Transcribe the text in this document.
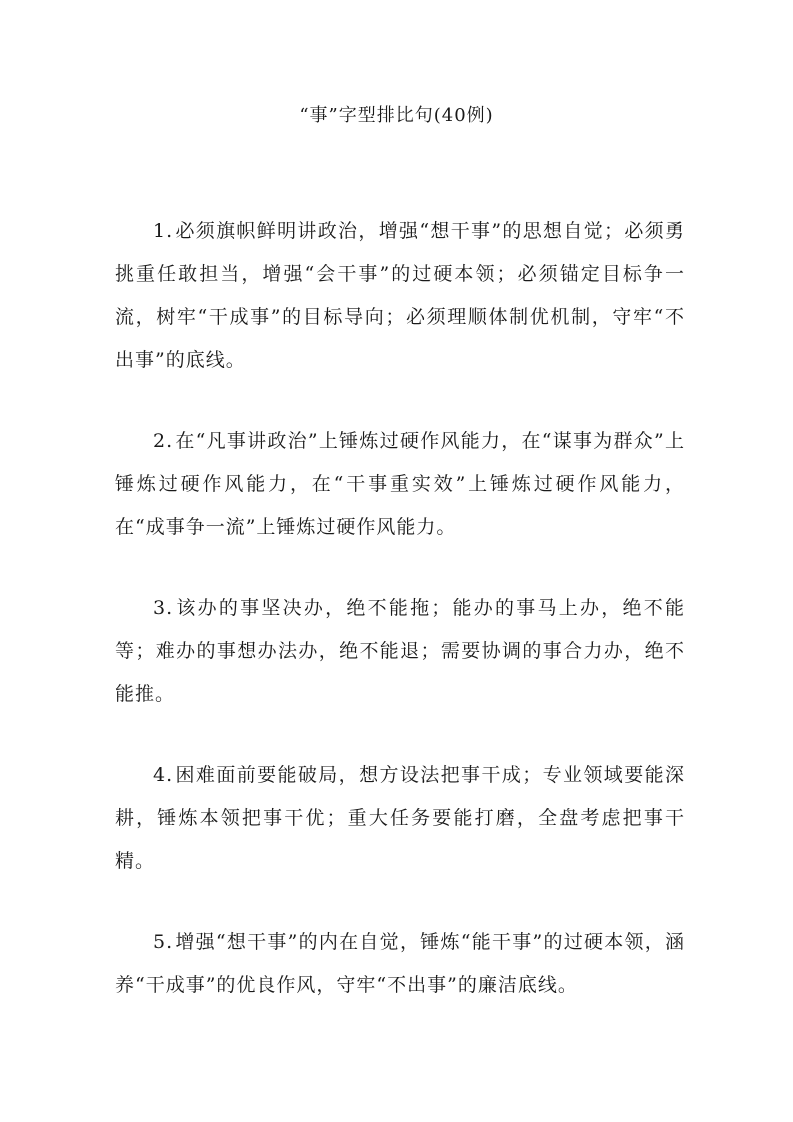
“事”字型排比句(40例)

1. 必须旗帜鲜明讲政治，增强“想干事”的思想自觉；必须勇挑重任敢担当，增强“会干事”的过硬本领；必须锚定目标争一流，树牢“干成事”的目标导向；必须理顺体制优机制，守牢“不出事”的底线。

2. 在“凡事讲政治”上锤炼过硬作风能力，在“谋事为群众”上锤炼过硬作风能力，在“干事重实效”上锤炼过硬作风能力，在“成事争一流”上锤炼过硬作风能力。

3. 该办的事坚决办，绝不能拖；能办的事马上办，绝不能等；难办的事想办法办，绝不能退；需要协调的事合力办，绝不能推。

4. 困难面前要能破局，想方设法把事干成；专业领域要能深耕，锤炼本领把事干优；重大任务要能打磨，全盘考虑把事干精。

5. 增强“想干事”的内在自觉，锤炼“能干事”的过硬本领，涵养“干成事”的优良作风，守牢“不出事”的廉洁底线。
